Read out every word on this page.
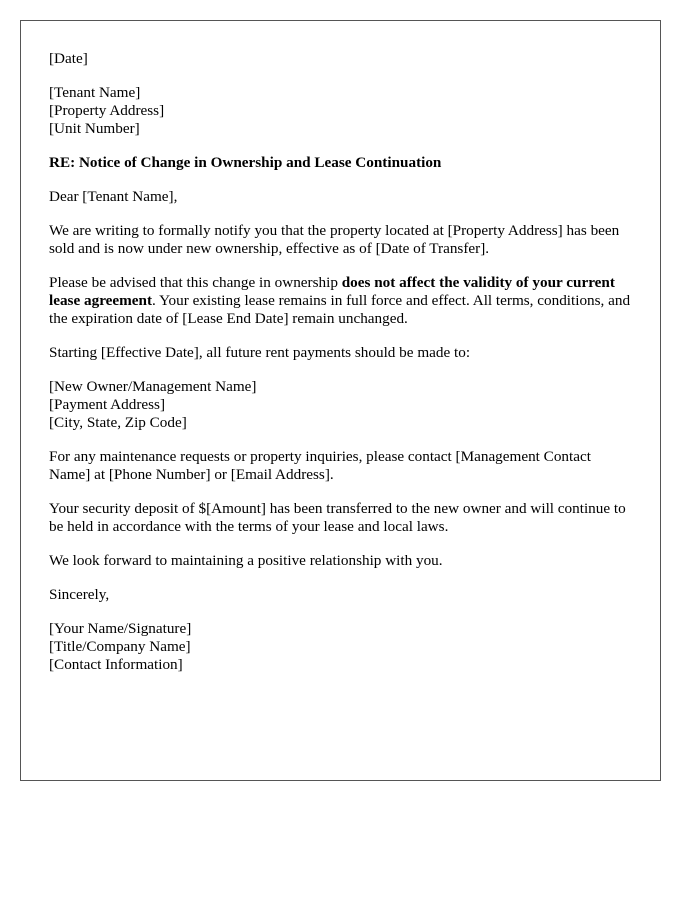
[Date]

[Tenant Name]
[Property Address]
[Unit Number]

RE: Notice of Change in Ownership and Lease Continuation

Dear [Tenant Name],

We are writing to formally notify you that the property located at [Property Address] has been sold and is now under new ownership, effective as of [Date of Transfer].

Please be advised that this change in ownership does not affect the validity of your current lease agreement. Your existing lease remains in full force and effect. All terms, conditions, and the expiration date of [Lease End Date] remain unchanged.

Starting [Effective Date], all future rent payments should be made to:

[New Owner/Management Name]
[Payment Address]
[City, State, Zip Code]

For any maintenance requests or property inquiries, please contact [Management Contact Name] at [Phone Number] or [Email Address].

Your security deposit of $[Amount] has been transferred to the new owner and will continue to be held in accordance with the terms of your lease and local laws.

We look forward to maintaining a positive relationship with you.

Sincerely,

[Your Name/Signature]
[Title/Company Name]
[Contact Information]
